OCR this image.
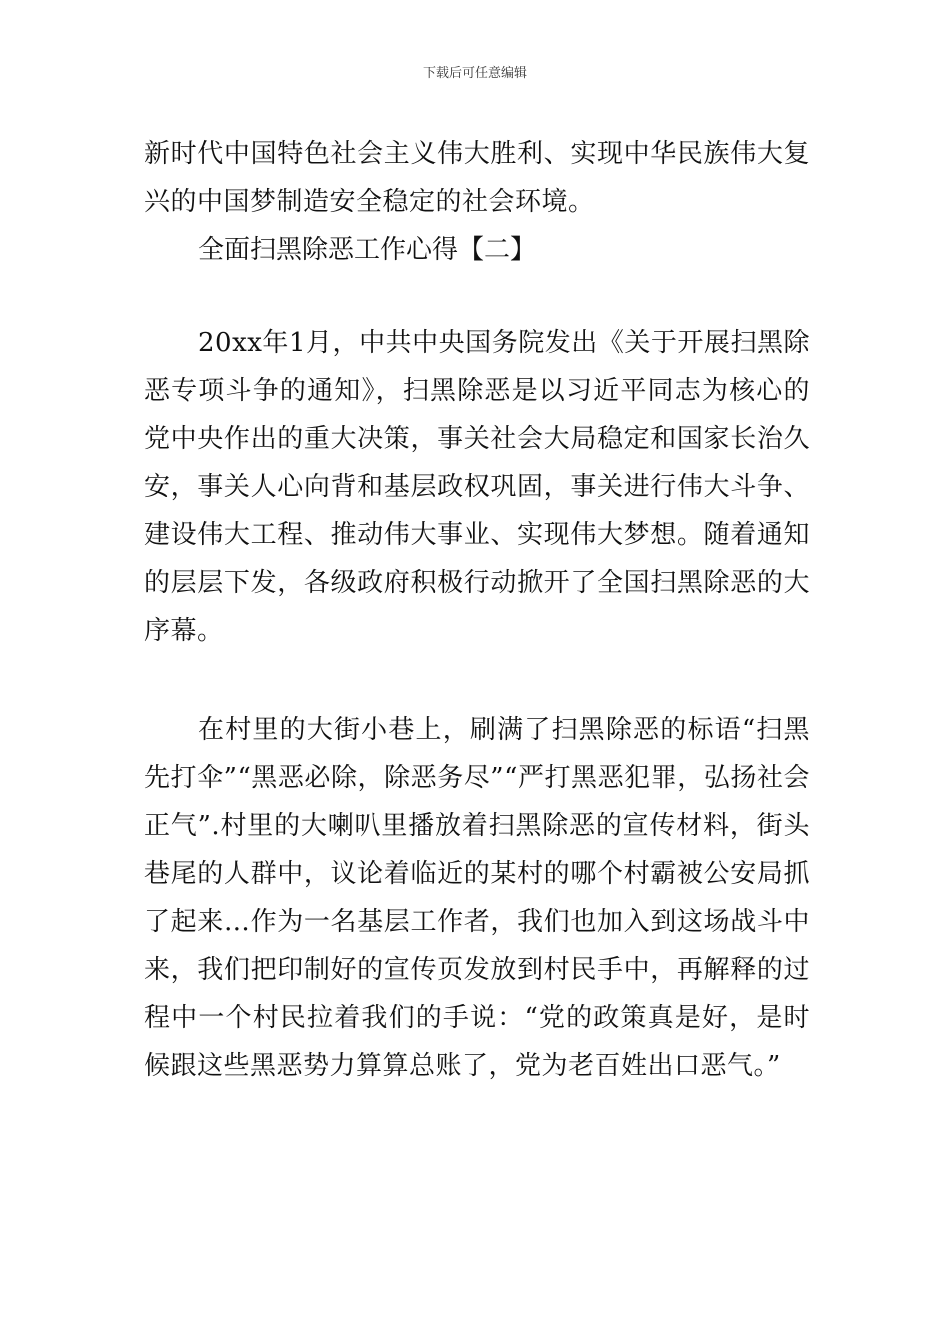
下载后可任意编辑

新时代中国特色社会主义伟大胜利、实现中华民族伟大复兴的中国梦制造安全稳定的社会环境。

全面扫黑除恶工作心得【二】

20xx年1月，中共中央国务院发出《关于开展扫黑除恶专项斗争的通知》，扫黑除恶是以习近平同志为核心的党中央作出的重大决策，事关社会大局稳定和国家长治久安，事关人心向背和基层政权巩固，事关进行伟大斗争、建设伟大工程、推动伟大事业、实现伟大梦想。随着通知的层层下发，各级政府积极行动掀开了全国扫黑除恶的大序幕。

在村里的大街小巷上，刷满了扫黑除恶的标语“扫黑先打伞”“黑恶必除，除恶务尽”“严打黑恶犯罪，弘扬社会正气”.村里的大喇叭里播放着扫黑除恶的宣传材料，街头巷尾的人群中，议论着临近的某村的哪个村霸被公安局抓了起来…作为一名基层工作者，我们也加入到这场战斗中来，我们把印制好的宣传页发放到村民手中，再解释的过程中一个村民拉着我们的手说：“党的政策真是好，是时候跟这些黑恶势力算算总账了，党为老百姓出口恶气。”
